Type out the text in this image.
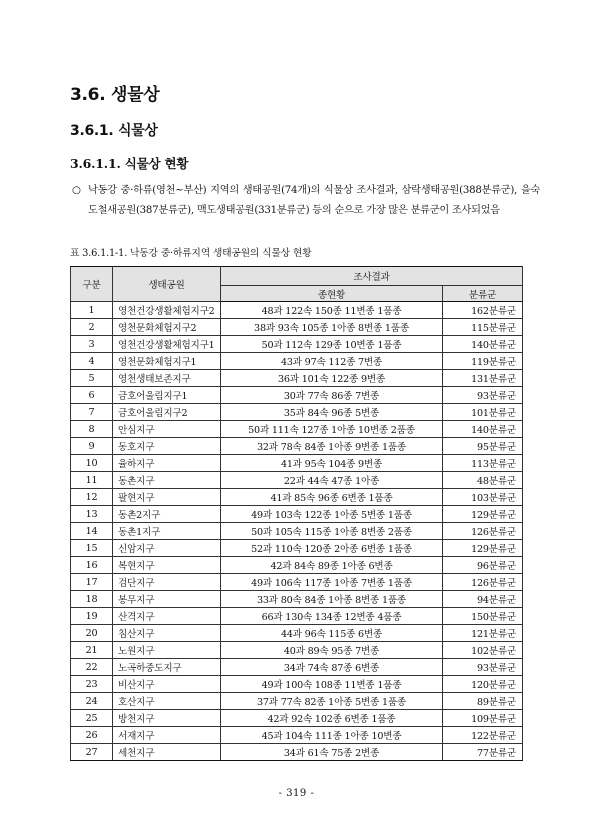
3.6. 생물상
3.6.1. 식물상
3.6.1.1. 식물상 현황
○ 낙동강 중·하류(영천~부산) 지역의 생태공원(74개)의 식물상 조사결과, 삼락생태공원(388분류군), 을숙도철새공원(387분류군), 맥도생태공원(331분류군) 등의 순으로 가장 많은 분류군이 조사되었음
표 3.6.1.1-1. 낙동강 중·하류지역 생태공원의 식물상 현황
구분	생태공원	조사결과	
		종현황	분류군
1	영천건강생활체험지구2	48과 122속 150종 11변종 1품종	162분류군
2	영천문화체험지구2	38과 93속 105종 1아종 8변종 1품종	115분류군
3	영천건강생활체험지구1	50과 112속 129종 10변종 1품종	140분류군
4	영천문화체험지구1	43과 97속 112종 7변종	119분류군
5	영천생태보존지구	36과 101속 122종 9변종	131분류군
6	금호어울림지구1	30과 77속 86종 7변종	93분류군
7	금호어울림지구2	35과 84속 96종 5변종	101분류군
8	안심지구	50과 111속 127종 1아종 10변종 2품종	140분류군
9	동호지구	32과 78속 84종 1아종 9변종 1품종	95분류군
10	율하지구	41과 95속 104종 9변종	113분류군
11	동촌지구	22과 44속 47종 1아종	48분류군
12	팔현지구	41과 85속 96종 6변종 1품종	103분류군
13	동촌2지구	49과 103속 122종 1아종 5변종 1품종	129분류군
14	동촌1지구	50과 105속 115종 1아종 8변종 2품종	126분류군
15	신암지구	52과 110속 120종 2아종 6변종 1품종	129분류군
16	복현지구	42과 84속 89종 1아종 6변종	96분류군
17	검단지구	49과 106속 117종 1아종 7변종 1품종	126분류군
18	봉무지구	33과 80속 84종 1아종 8변종 1품종	94분류군
19	산격지구	66과 130속 134종 12변종 4품종	150분류군
20	침산지구	44과 96속 115종 6변종	121분류군
21	노원지구	40과 89속 95종 7변종	102분류군
22	노곡하중도지구	34과 74속 87종 6변종	93분류군
23	비산지구	49과 100속 108종 11변종 1품종	120분류군
24	호산지구	37과 77속 82종 1아종 5변종 1품종	89분류군
25	방천지구	42과 92속 102종 6변종 1품종	109분류군
26	서재지구	45과 104속 111종 1아종 10변종	122분류군
27	세천지구	34과 61속 75종 2변종	77분류군
- 319 -
